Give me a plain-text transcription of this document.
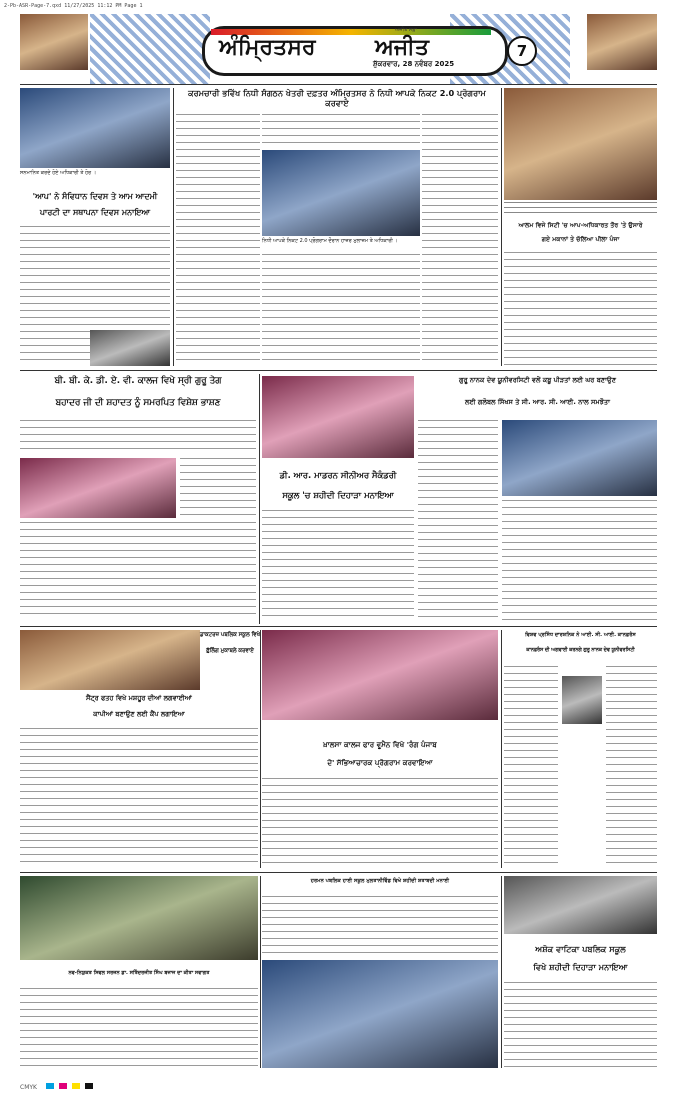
2-Pb-ASR-Page-7.qxd 11/27/2025 11:12 PM Page 1
ਅੰਮ੍ਰਿਤਸਰ	ਅਜੀਤ
ਅਜੀਤ ਸਫ਼ਾ
ਸ਼ੁੱਕਰਵਾਰ, 28 ਨਵੰਬਰ 2025
7
ਸਨਮਾਨਿਤ ਕਰਦੇ ਹੋਏ ਅਧਿਕਾਰੀ ਤੇ ਹੋਰ ।
'ਆਪ' ਨੇ ਸੰਵਿਧਾਨ ਦਿਵਸ ਤੇ ਆਮ ਆਦਮੀ
ਪਾਰਟੀ ਦਾ ਸਥਾਪਨਾ ਦਿਵਸ ਮਨਾਇਆ
ਕਰਮਚਾਰੀ ਭਵਿੱਖ ਨਿਧੀ ਸੰਗਠਨ ਖੇਤਰੀ ਦਫ਼ਤਰ ਅੰਮ੍ਰਿਤਸਰ ਨੇ ਨਿਧੀ ਆਪਕੇ ਨਿਕਟ 2.0 ਪ੍ਰੋਗਰਾਮ ਕਰਵਾਏ
ਨਿਧੀ ਆਪਕੇ ਨਿਕਟ 2.0 ਪ੍ਰੋਗਰਾਮ ਦੌਰਾਨ ਹਾਜ਼ਰ ਮੁਲਾਜ਼ਮ ਤੇ ਅਧਿਕਾਰੀ ।
ਆਲਮ ਵਿਜੇ ਸਿਟੀ 'ਚ ਆਪ-ਅਧਿਕਾਰਤ ਤੌਰ 'ਤੇ ਉਸਾਰੇ
ਗਏ ਮਕਾਨਾਂ ਤੇ ਚੱਲਿਆ ਪੀਲਾ ਪੰਜਾ
ਬੀ. ਬੀ. ਕੇ. ਡੀ. ਏ. ਵੀ. ਕਾਲਜ ਵਿਖੇ ਸ੍ਰੀ ਗੁਰੂ ਤੇਗ
ਬਹਾਦਰ ਜੀ ਦੀ ਸ਼ਹਾਦਤ ਨੂੰ ਸਮਰਪਿਤ ਵਿਸ਼ੇਸ਼ ਭਾਸ਼ਣ
ਡੀ. ਆਰ. ਮਾਡਰਨ ਸੀਨੀਅਰ ਸੈਕੰਡਰੀ
ਸਕੂਲ 'ਚ ਸ਼ਹੀਦੀ ਦਿਹਾੜਾ ਮਨਾਇਆ
ਗੁਰੂ ਨਾਨਕ ਦੇਵ ਯੂਨੀਵਰਸਿਟੀ ਵਲੋਂ ਕਬੂ ਪੀੜਤਾਂ ਲਈ ਘਰ ਬਣਾਉਣ
ਲਈ ਗਲੋਬਲ ਸਿੱਖਸ ਤੇ ਸੀ. ਆਰ. ਸੀ. ਆਈ. ਨਾਲ ਸਮਝੌਤਾ
ਡਾਕਟਰਜ਼ ਪਬਲਿਕ ਸਕੂਲ ਵਿਖੇ
ਫ਼ੁੱਲਿੰਗ ਮੁਕਾਬਲੇ ਕਰਵਾਏ
ਸੈਂਟ੍ਰ ਫਤਹ ਵਿਖੇ ਮਸ਼ਹੂਰ ਦੀਆਂ ਲਗਵਾਈਆਂ
ਕਾਪੀਆਂ ਬਣਾਉਣ ਲਈ ਕੈਂਪ ਲਗਾਇਆ
ਖ਼ਾਲਸਾ ਕਾਲਜ ਫਾਰ ਵੂਮੈਨ ਵਿਖੇ 'ਰੰਗ ਪੰਜਾਬ
ਦੇ' ਸੱਭਿਆਚਾਰਕ ਪ੍ਰੋਗਰਾਮ ਕਰਵਾਇਆ
ਵਿਸ਼ਵ ਪ੍ਰਸਿੱਧ ਦਾਰਸ਼ਨਿਕ ਨੇ ਆਈ. ਸੀ. ਆਈ. ਕਾਨਫ਼ਰੰਸ
ਕਾਨਫ਼ਰੰਸ ਦੀ ਅਗਵਾਈ ਕਰਨਗੇ ਗੁਰੂ ਨਾਨਕ ਦੇਵ ਯੂਨੀਵਰਸਿਟੀ
ਨਵ-ਨਿਯੁਕਤ ਸਿਵਲ ਸਰਜਨ ਡਾ. ਸਤਿੰਦਰਜੀਤ ਸਿੰਘ ਬਜਾਜ ਦਾ ਕੀਤਾ ਸਵਾਗਤ
ਹਰਮਨ ਪਬਲਿਕ ਹਾਈ ਸਕੂਲ ਮੁਲਤਾਨੀਵਿੰਡ ਵਿਖੇ ਸ਼ਹੀਦੀ ਸ਼ਤਾਬਦੀ ਮਨਾਈ
ਅਸ਼ੋਕ ਵਾਟਿਕਾ ਪਬਲਿਕ ਸਕੂਲ
ਵਿਖੇ ਸ਼ਹੀਦੀ ਦਿਹਾੜਾ ਮਨਾਇਆ
CMYK
